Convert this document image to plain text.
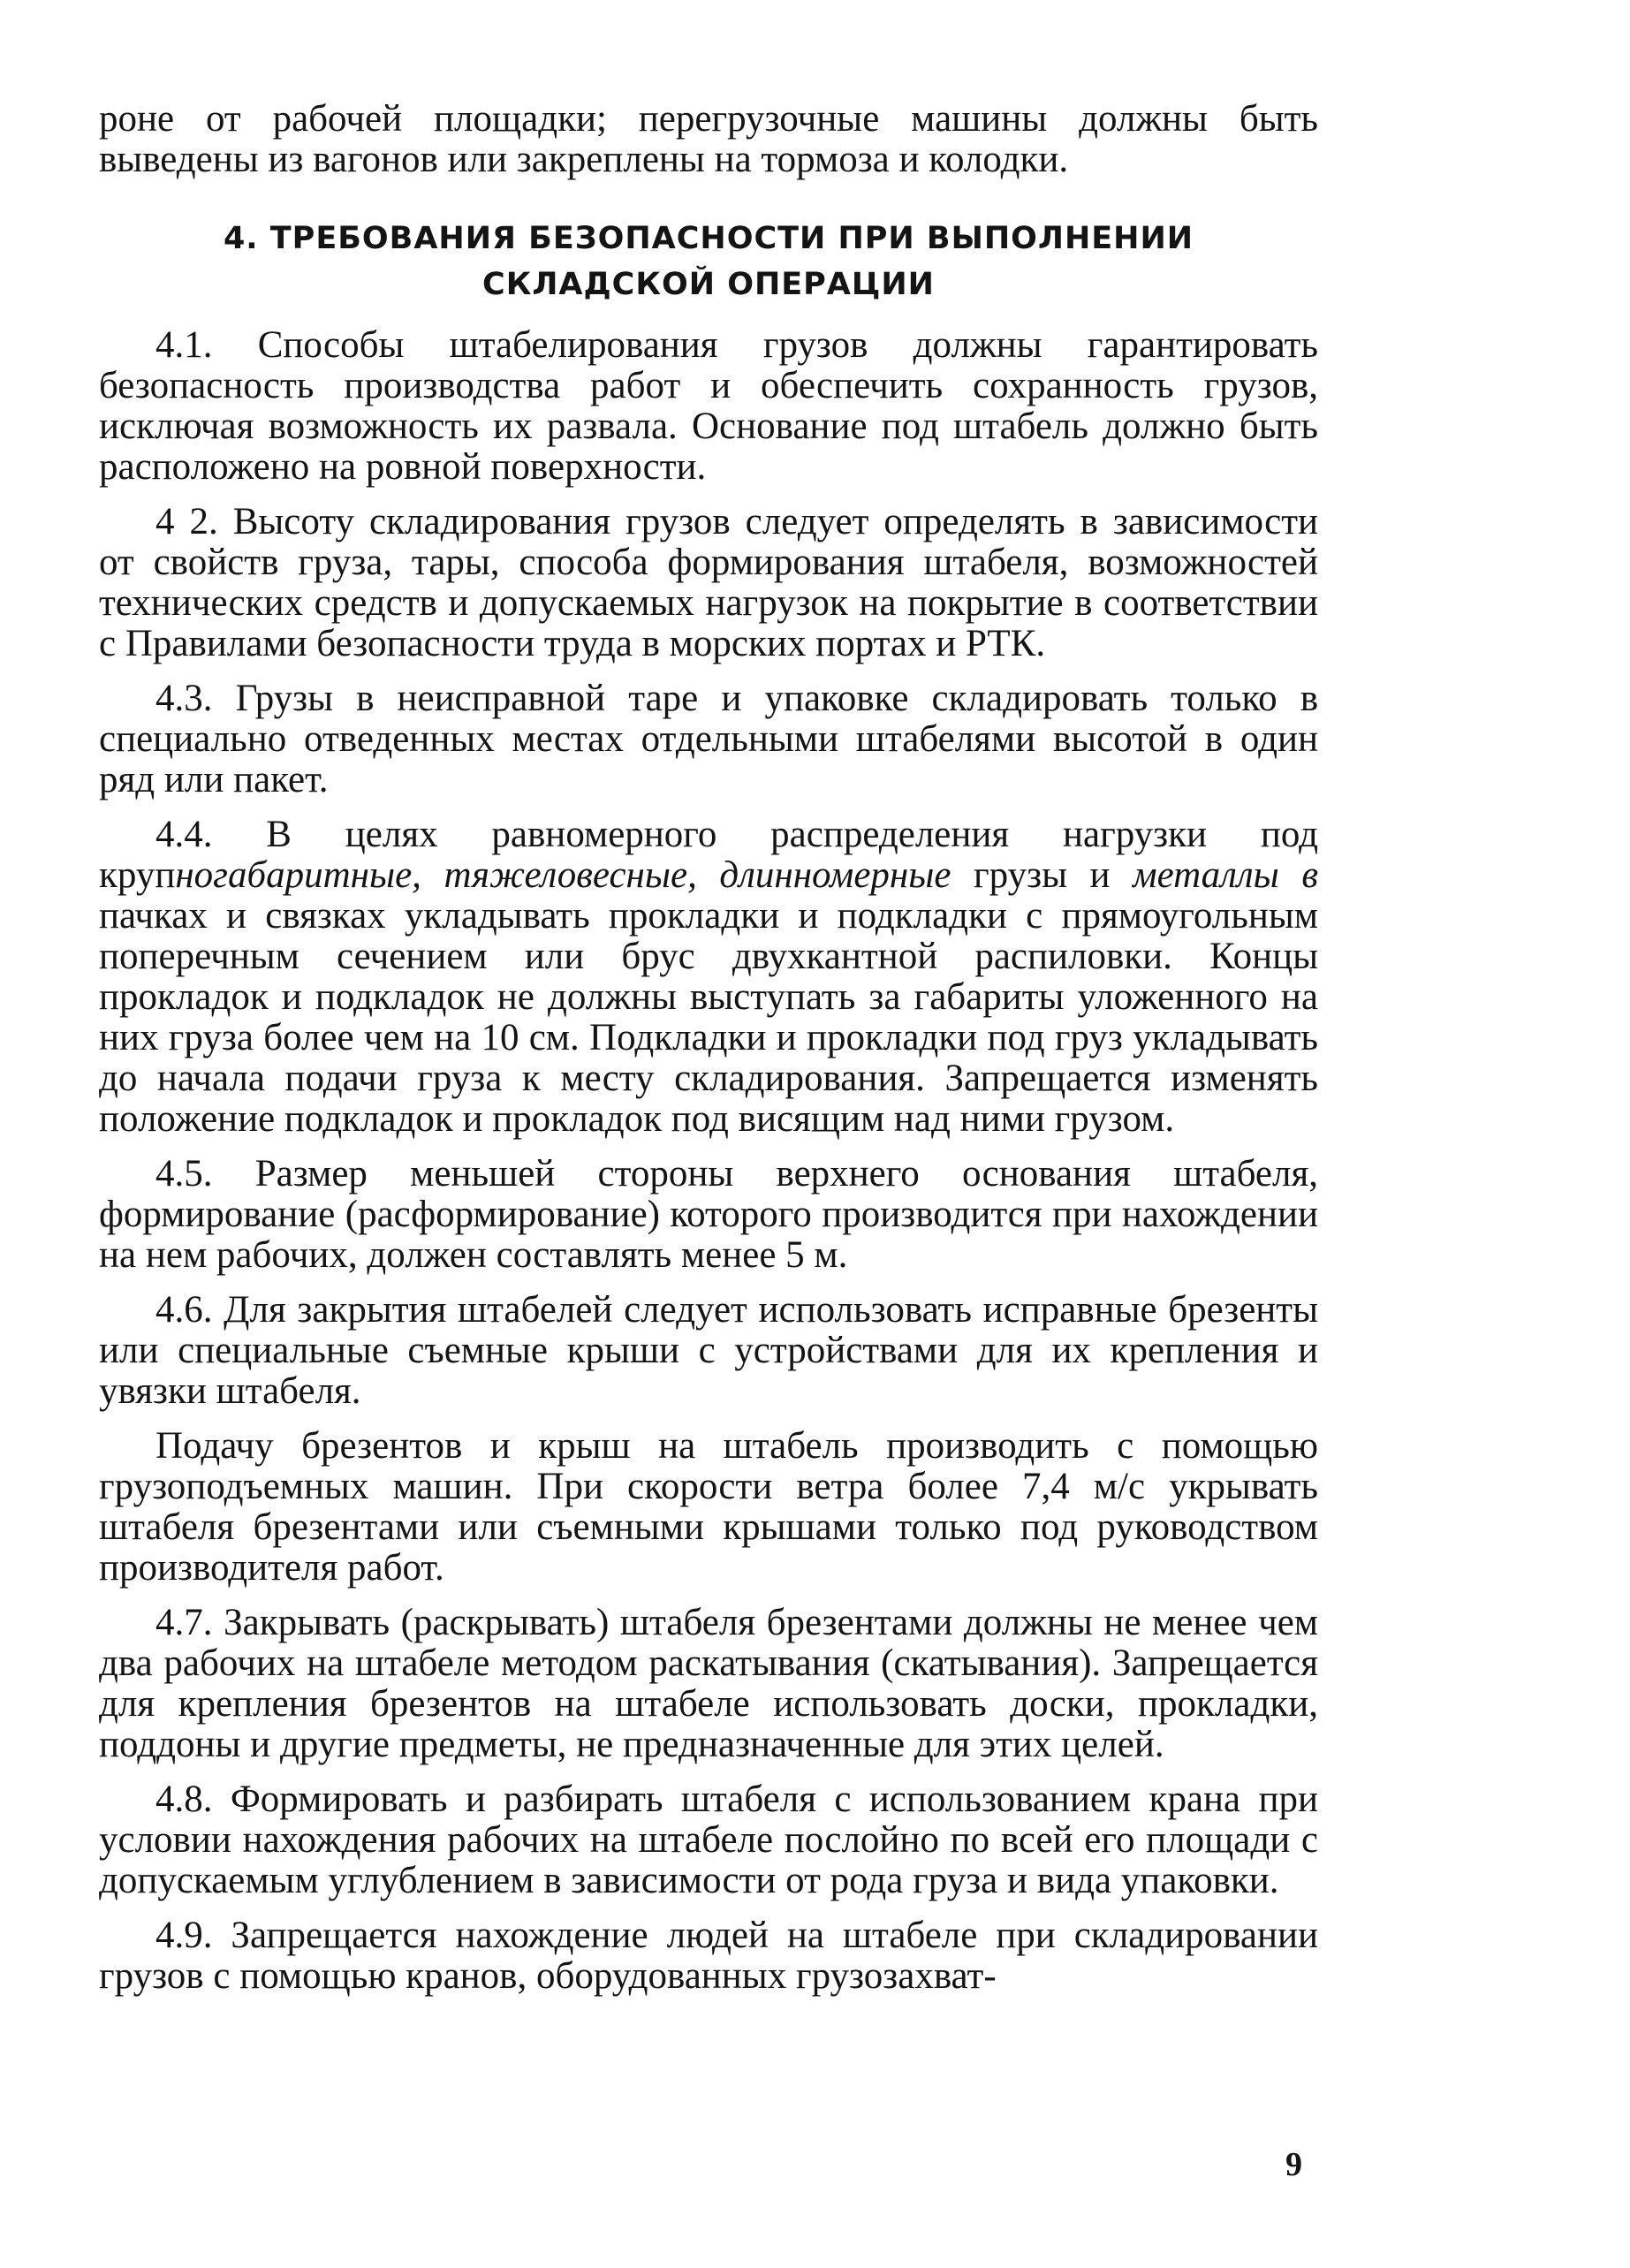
роне от рабочей площадки; перегрузочные машины должны быть выведены из вагонов или закреплены на тормоза и колодки.

4. ТРЕБОВАНИЯ БЕЗОПАСНОСТИ ПРИ ВЫПОЛНЕНИИ
СКЛАДСКОЙ ОПЕРАЦИИ

4.1. Способы штабелирования грузов должны гарантировать безопасность производства работ и обеспечить сохранность грузов, исключая возможность их развала. Основание под штабель должно быть расположено на ровной поверхности.

4 2. Высоту складирования грузов следует определять в зависимости от свойств груза, тары, способа формирования штабеля, возможностей технических средств и допускаемых нагрузок на покрытие в соответствии с Правилами безопасности труда в морских портах и РТК.

4.3. Грузы в неисправной таре и упаковке складировать только в специально отведенных местах отдельными штабелями высотой в один ряд или пакет.

4.4. В целях равномерного распределения нагрузки под крупногабаритные, тяжеловесные, длинномерные грузы и металлы в пачках и связках укладывать прокладки и подкладки с прямоугольным поперечным сечением или брус двухкантной распиловки. Концы прокладок и подкладок не должны выступать за габариты уложенного на них груза более чем на 10 см. Подкладки и прокладки под груз укладывать до начала подачи груза к месту складирования. Запрещается изменять положение подкладок и прокладок под висящим над ними грузом.

4.5. Размер меньшей стороны верхнего основания штабеля, формирование (расформирование) которого производится при нахождении на нем рабочих, должен составлять менее 5 м.

4.6. Для закрытия штабелей следует использовать исправные брезенты или специальные съемные крыши с устройствами для их крепления и увязки штабеля.

Подачу брезентов и крыш на штабель производить с помощью грузоподъемных машин. При скорости ветра более 7,4 м/с укрывать штабеля брезентами или съемными крышами только под руководством производителя работ.

4.7. Закрывать (раскрывать) штабеля брезентами должны не менее чем два рабочих на штабеле методом раскатывания (скатывания). Запрещается для крепления брезентов на штабеле использовать доски, прокладки, поддоны и другие предметы, не предназначенные для этих целей.

4.8. Формировать и разбирать штабеля с использованием крана при условии нахождения рабочих на штабеле послойно по всей его площади с допускаемым углублением в зависимости от рода груза и вида упаковки.

4.9. Запрещается нахождение людей на штабеле при складировании грузов с помощью кранов, оборудованных грузозахват-

9
